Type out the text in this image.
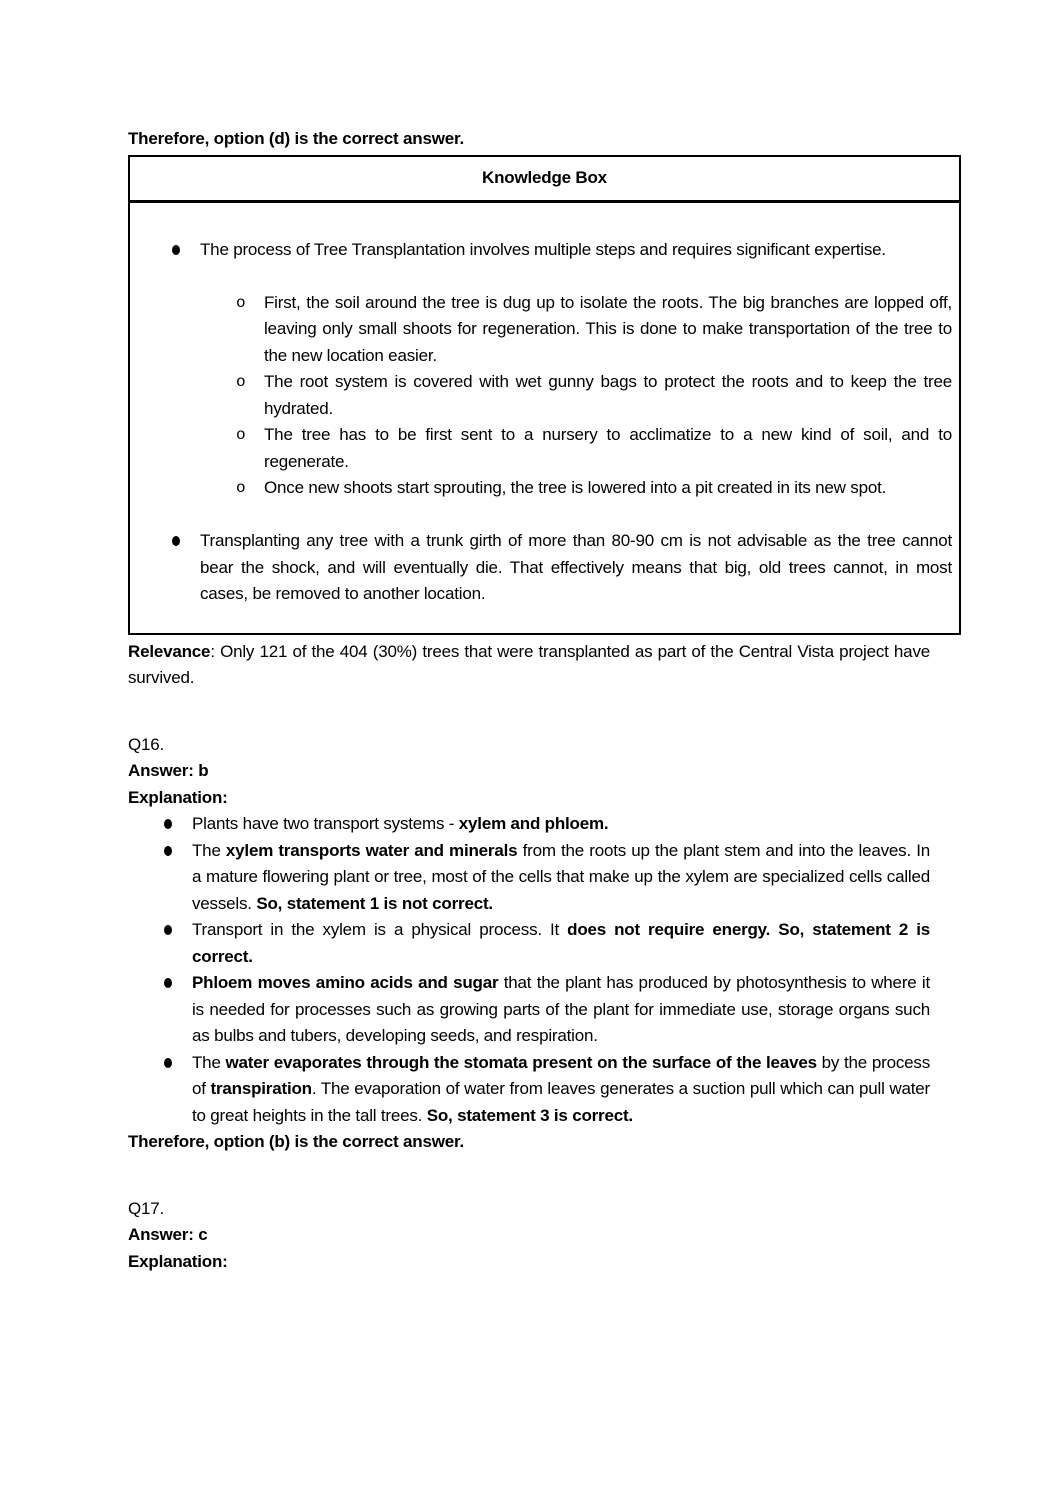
Therefore, option (d) is the correct answer.

Knowledge Box
The process of Tree Transplantation involves multiple steps and requires significant expertise.
o	First, the soil around the tree is dug up to isolate the roots. The big branches are lopped off, leaving only small shoots for regeneration. This is done to make transportation of the tree to the new location easier.
o	The root system is covered with wet gunny bags to protect the roots and to keep the tree hydrated.
o	The tree has to be first sent to a nursery to acclimatize to a new kind of soil, and to regenerate.
o	Once new shoots start sprouting, the tree is lowered into a pit created in its new spot.
Transplanting any tree with a trunk girth of more than 80-90 cm is not advisable as the tree cannot bear the shock, and will eventually die. That effectively means that big, old trees cannot, in most cases, be removed to another location.

Relevance: Only 121 of the 404 (30%) trees that were transplanted as part of the Central Vista project have survived.

Q16.

Answer: b

Explanation:

Plants have two transport systems - xylem and phloem.
The xylem transports water and minerals from the roots up the plant stem and into the leaves. In a mature flowering plant or tree, most of the cells that make up the xylem are specialized cells called vessels. So, statement 1 is not correct.
Transport in the xylem is a physical process. It does not require energy. So, statement 2 is correct.
Phloem moves amino acids and sugar that the plant has produced by photosynthesis to where it is needed for processes such as growing parts of the plant for immediate use, storage organs such as bulbs and tubers, developing seeds, and respiration.
The water evaporates through the stomata present on the surface of the leaves by the process of transpiration. The evaporation of water from leaves generates a suction pull which can pull water to great heights in the tall trees. So, statement 3 is correct.

Therefore, option (b) is the correct answer.

Q17.

Answer: c

Explanation:
